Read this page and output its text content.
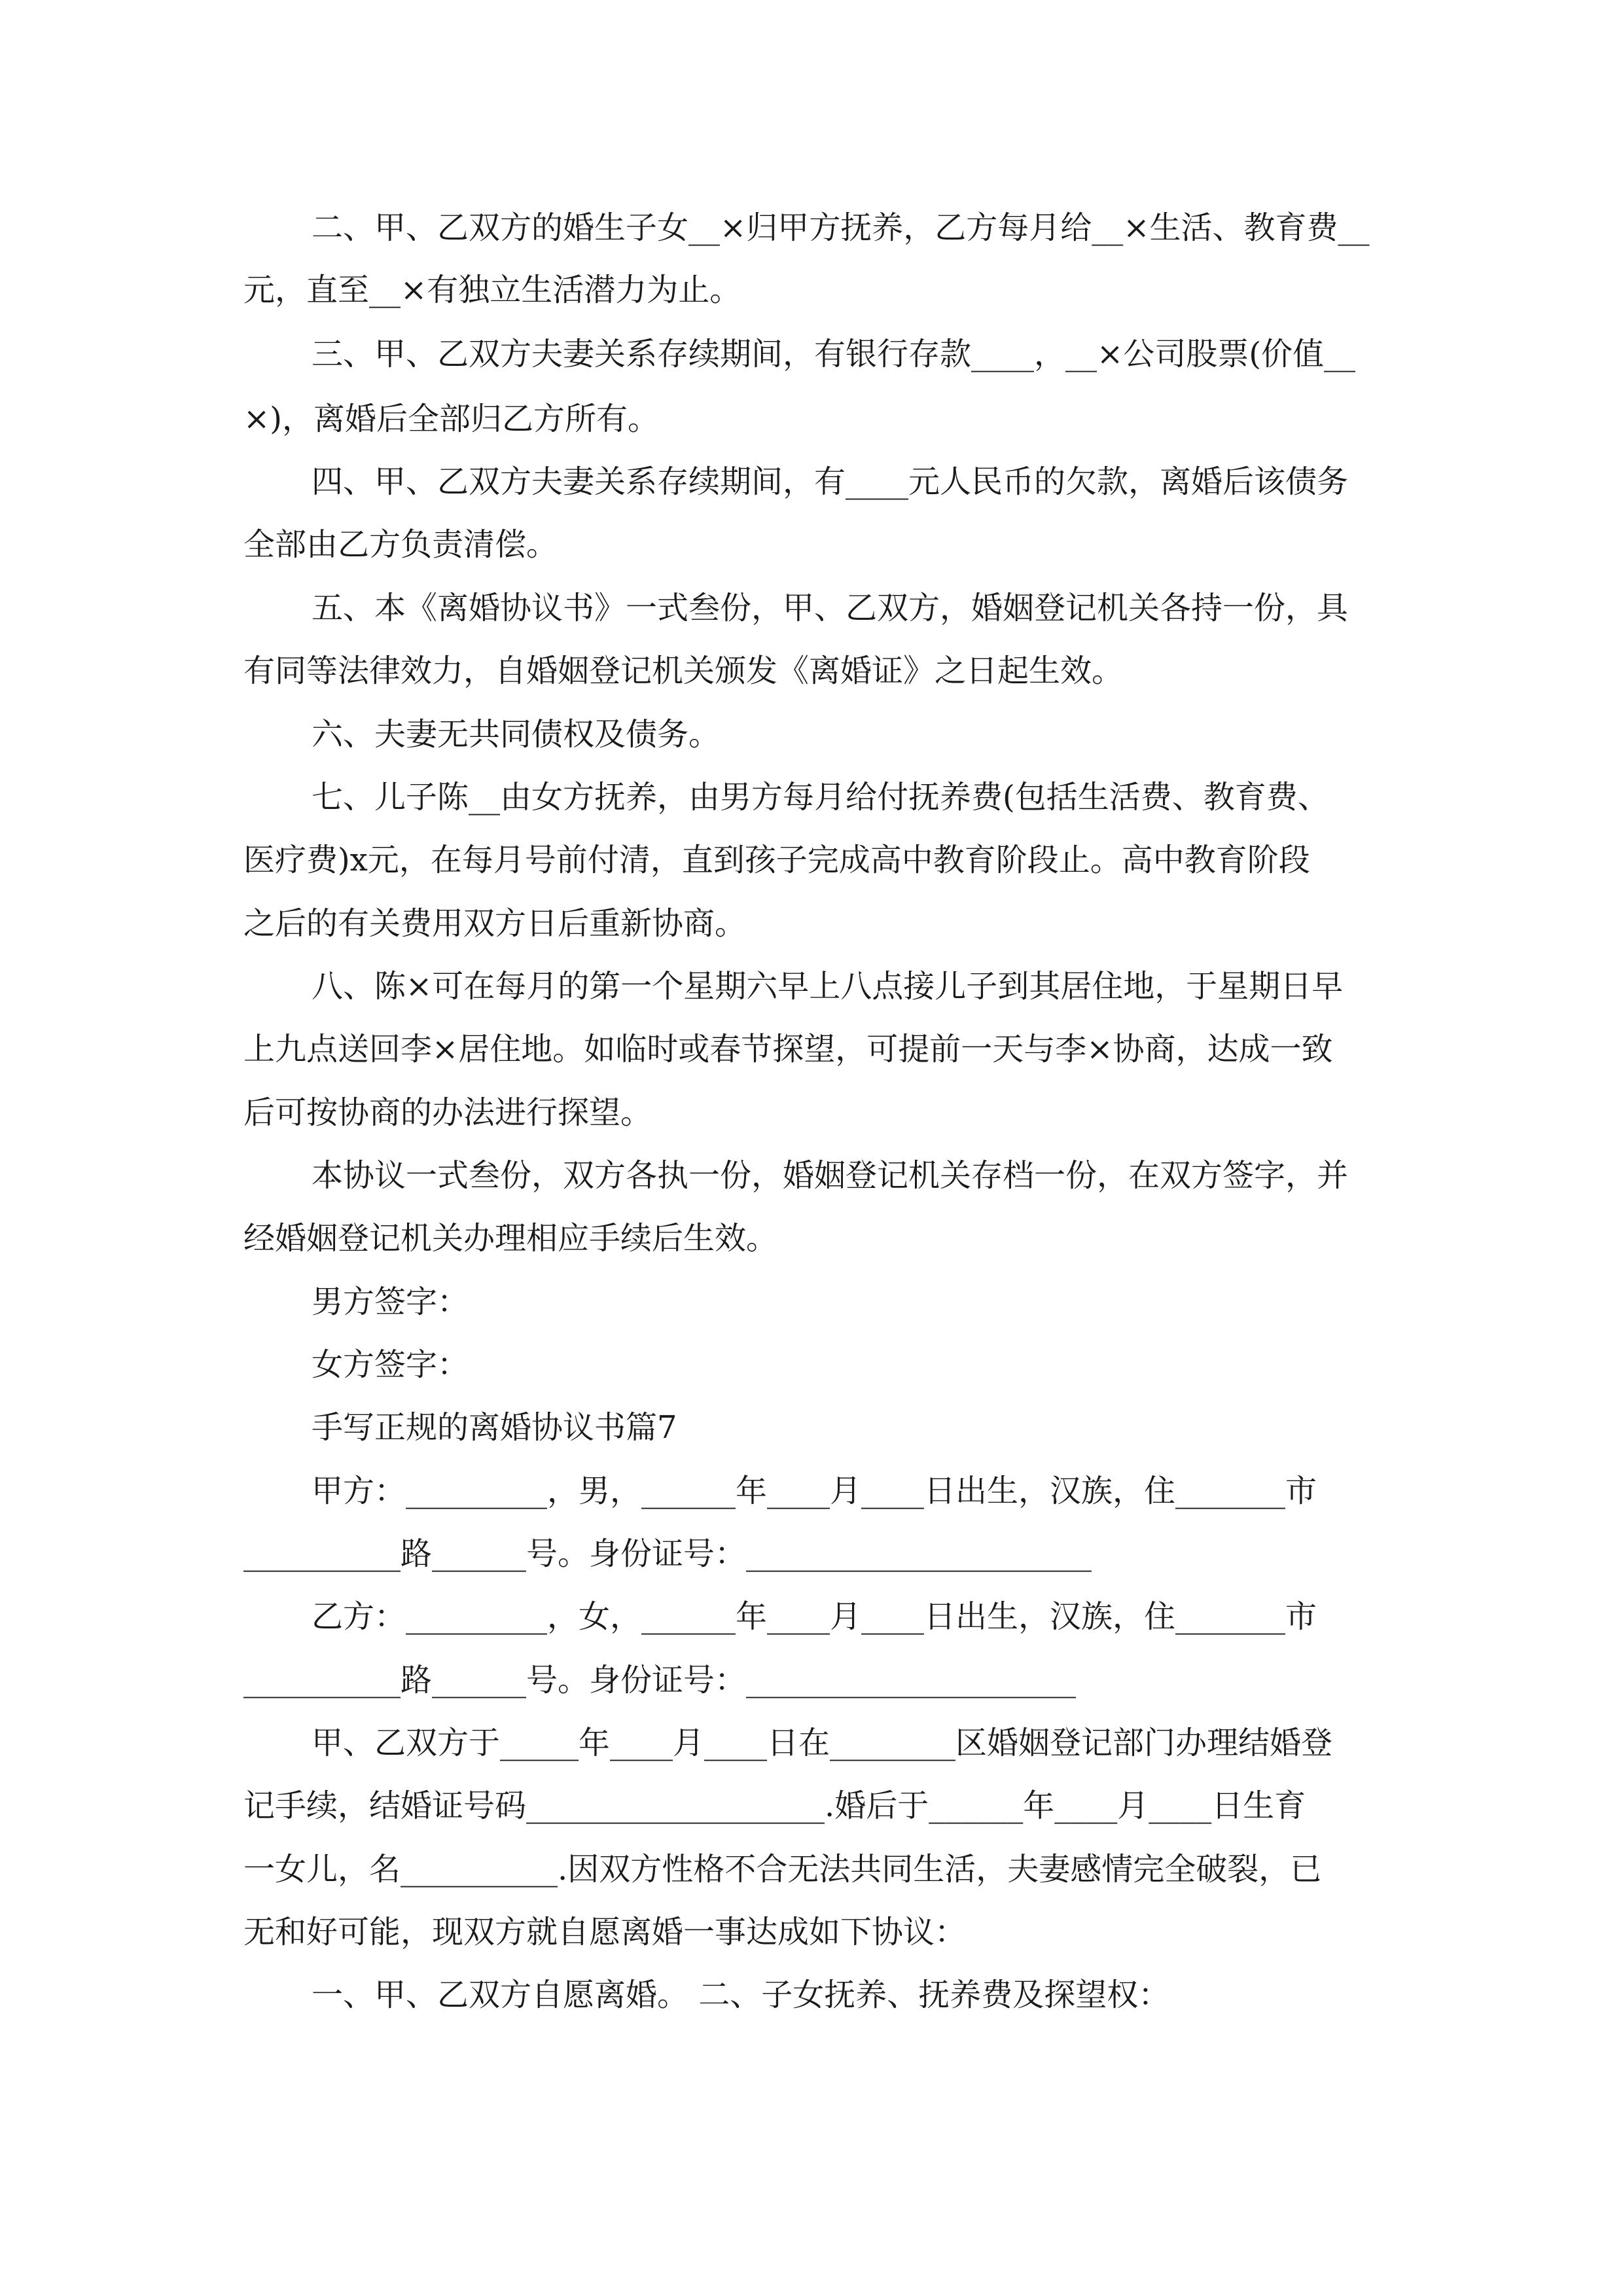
二、甲、乙双方的婚生子女__×归甲方抚养，乙方每月给__×生活、教育费__
元，直至__×有独立生活潜力为止。
三、甲、乙双方夫妻关系存续期间，有银行存款____，__×公司股票(价值__
×)，离婚后全部归乙方所有。
四、甲、乙双方夫妻关系存续期间，有____元人民币的欠款，离婚后该债务
全部由乙方负责清偿。
五、本《离婚协议书》一式叁份，甲、乙双方，婚姻登记机关各持一份，具
有同等法律效力，自婚姻登记机关颁发《离婚证》之日起生效。
六、夫妻无共同债权及债务。
七、儿子陈__由女方抚养，由男方每月给付抚养费(包括生活费、教育费、
医疗费)x元，在每月号前付清，直到孩子完成高中教育阶段止。高中教育阶段
之后的有关费用双方日后重新协商。
八、陈×可在每月的第一个星期六早上八点接儿子到其居住地，于星期日早
上九点送回李×居住地。如临时或春节探望，可提前一天与李×协商，达成一致
后可按协商的办法进行探望。
本协议一式叁份，双方各执一份，婚姻登记机关存档一份，在双方签字，并
经婚姻登记机关办理相应手续后生效。
男方签字：
女方签字：
手写正规的离婚协议书篇7
甲方：_________，男，______年____月____日出生，汉族，住_______市
__________路______号。身份证号：______________________
乙方：_________，女，______年____月____日出生，汉族，住_______市
__________路______号。身份证号：_____________________
甲、乙双方于_____年____月____日在________区婚姻登记部门办理结婚登
记手续，结婚证号码___________________.婚后于______年____月____日生育
一女儿，名__________.因双方性格不合无法共同生活，夫妻感情完全破裂，已
无和好可能，现双方就自愿离婚一事达成如下协议：
一、甲、乙双方自愿离婚。 二、子女抚养、抚养费及探望权：
